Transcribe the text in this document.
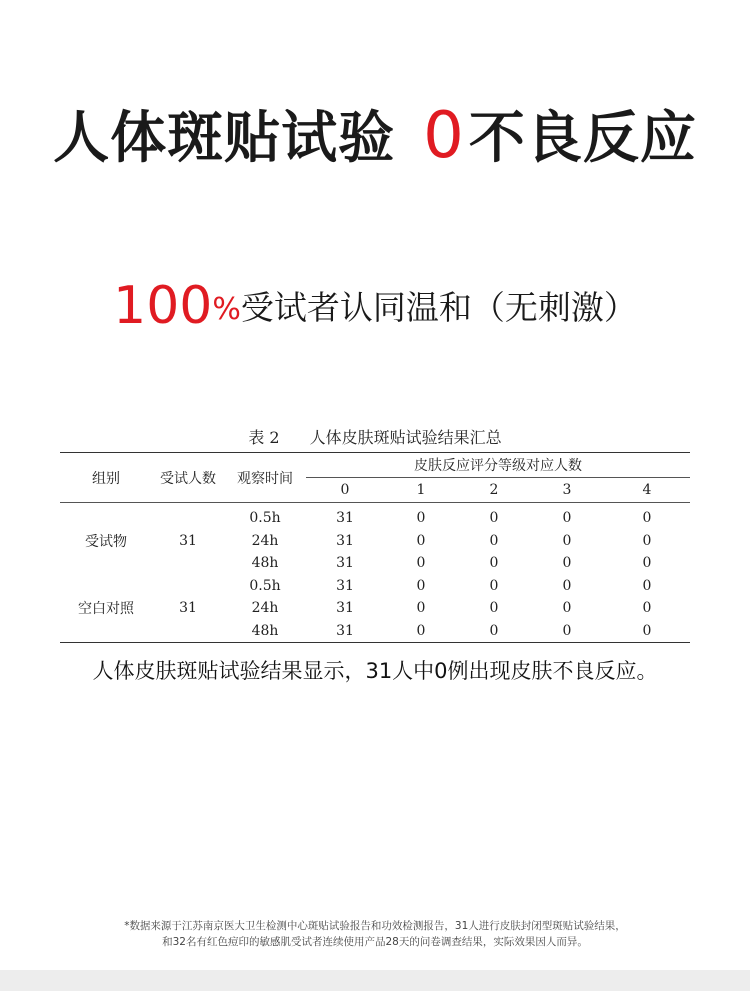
人体斑贴试验 0不良反应
100%受试者认同温和（无刺激）
表 2 人体皮肤斑贴试验结果汇总
组别	受试人数	观察时间	皮肤反应评分等级对应人数				
			0	1	2	3	4
受试物	31	0.5h	31	0	0	0	0
		24h	31	0	0	0	0
		48h	31	0	0	0	0
空白对照	31	0.5h	31	0	0	0	0
		24h	31	0	0	0	0
		48h	31	0	0	0	0
人体皮肤斑贴试验结果显示，31人中0例出现皮肤不良反应。
*数据来源于江苏南京医大卫生检测中心斑贴试验报告和功效检测报告，31人进行皮肤封闭型斑贴试验结果，
和32名有红色痘印的敏感肌受试者连续使用产品28天的问卷调查结果，实际效果因人而异。
